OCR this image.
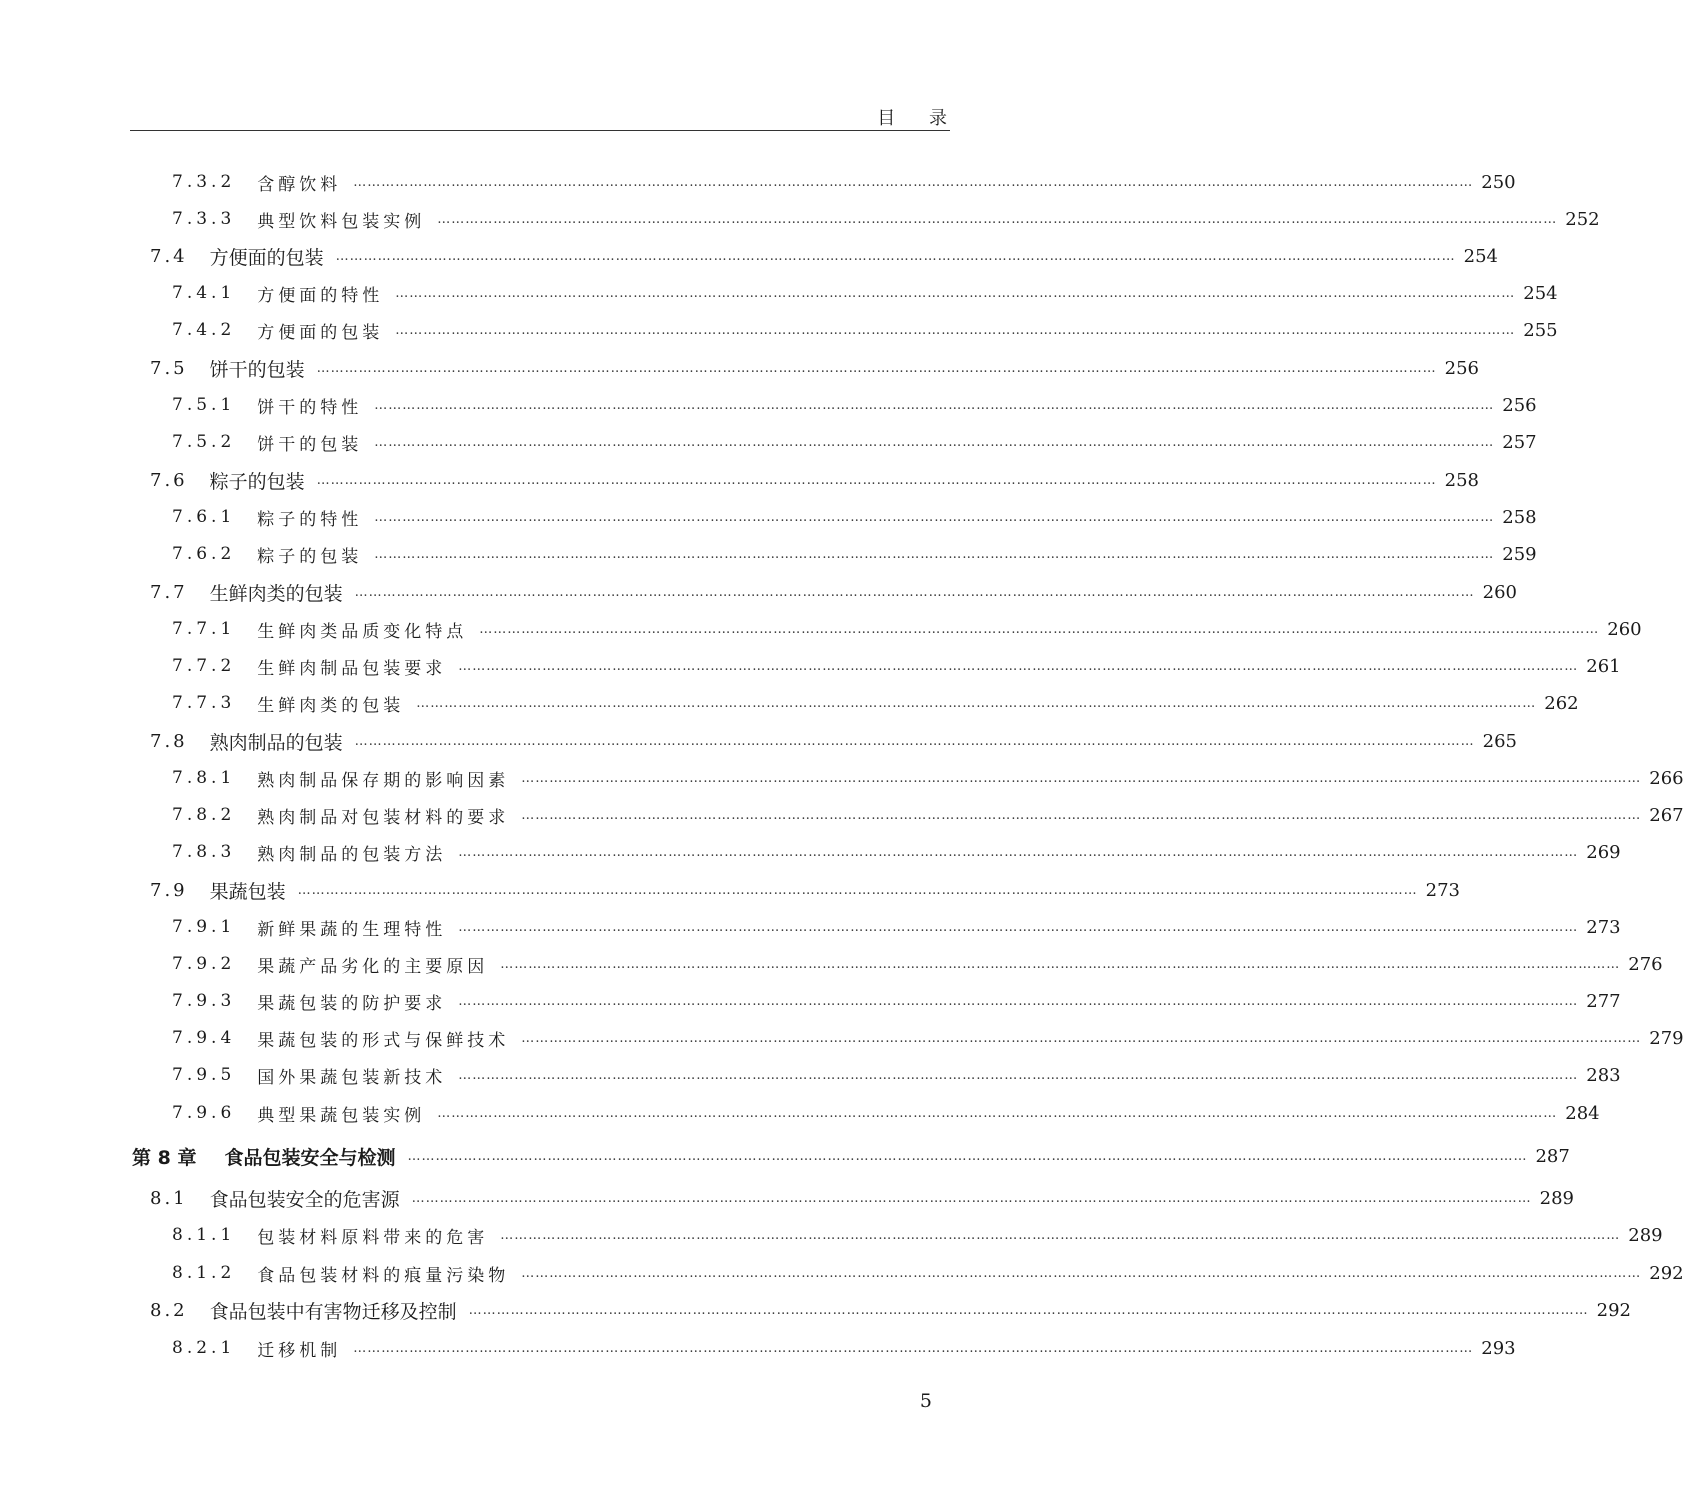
目 录
7.3.2 含醇饮料 …………………………………………………………………………………………………………………………………………………………………………………………………………………… 250
7.3.3 典型饮料包装实例 …………………………………………………………………………………………………………………………………………………………………………………………………………………… 252
7.4 方便面的包装 …………………………………………………………………………………………………………………………………………………………………………………………………………………… 254
7.4.1 方便面的特性 …………………………………………………………………………………………………………………………………………………………………………………………………………………… 254
7.4.2 方便面的包装 …………………………………………………………………………………………………………………………………………………………………………………………………………………… 255
7.5 饼干的包装 …………………………………………………………………………………………………………………………………………………………………………………………………………………… 256
7.5.1 饼干的特性 …………………………………………………………………………………………………………………………………………………………………………………………………………………… 256
7.5.2 饼干的包装 …………………………………………………………………………………………………………………………………………………………………………………………………………………… 257
7.6 粽子的包装 …………………………………………………………………………………………………………………………………………………………………………………………………………………… 258
7.6.1 粽子的特性 …………………………………………………………………………………………………………………………………………………………………………………………………………………… 258
7.6.2 粽子的包装 …………………………………………………………………………………………………………………………………………………………………………………………………………………… 259
7.7 生鲜肉类的包装 …………………………………………………………………………………………………………………………………………………………………………………………………………………… 260
7.7.1 生鲜肉类品质变化特点 …………………………………………………………………………………………………………………………………………………………………………………………………………………… 260
7.7.2 生鲜肉制品包装要求 …………………………………………………………………………………………………………………………………………………………………………………………………………………… 261
7.7.3 生鲜肉类的包装 …………………………………………………………………………………………………………………………………………………………………………………………………………………… 262
7.8 熟肉制品的包装 …………………………………………………………………………………………………………………………………………………………………………………………………………………… 265
7.8.1 熟肉制品保存期的影响因素 …………………………………………………………………………………………………………………………………………………………………………………………………………………… 266
7.8.2 熟肉制品对包装材料的要求 …………………………………………………………………………………………………………………………………………………………………………………………………………………… 267
7.8.3 熟肉制品的包装方法 …………………………………………………………………………………………………………………………………………………………………………………………………………………… 269
7.9 果蔬包装 …………………………………………………………………………………………………………………………………………………………………………………………………………………… 273
7.9.1 新鲜果蔬的生理特性 …………………………………………………………………………………………………………………………………………………………………………………………………………………… 273
7.9.2 果蔬产品劣化的主要原因 …………………………………………………………………………………………………………………………………………………………………………………………………………………… 276
7.9.3 果蔬包装的防护要求 …………………………………………………………………………………………………………………………………………………………………………………………………………………… 277
7.9.4 果蔬包装的形式与保鲜技术 …………………………………………………………………………………………………………………………………………………………………………………………………………………… 279
7.9.5 国外果蔬包装新技术 …………………………………………………………………………………………………………………………………………………………………………………………………………………… 283
7.9.6 典型果蔬包装实例 …………………………………………………………………………………………………………………………………………………………………………………………………………………… 284
第 8 章 食品包装安全与检测 …………………………………………………………………………………………………………………………………………………………………………………………………………………… 287
8.1 食品包装安全的危害源 …………………………………………………………………………………………………………………………………………………………………………………………………………………… 289
8.1.1 包装材料原料带来的危害 …………………………………………………………………………………………………………………………………………………………………………………………………………………… 289
8.1.2 食品包装材料的痕量污染物 …………………………………………………………………………………………………………………………………………………………………………………………………………………… 292
8.2 食品包装中有害物迁移及控制 …………………………………………………………………………………………………………………………………………………………………………………………………………………… 292
8.2.1 迁移机制 …………………………………………………………………………………………………………………………………………………………………………………………………………………… 293
5
